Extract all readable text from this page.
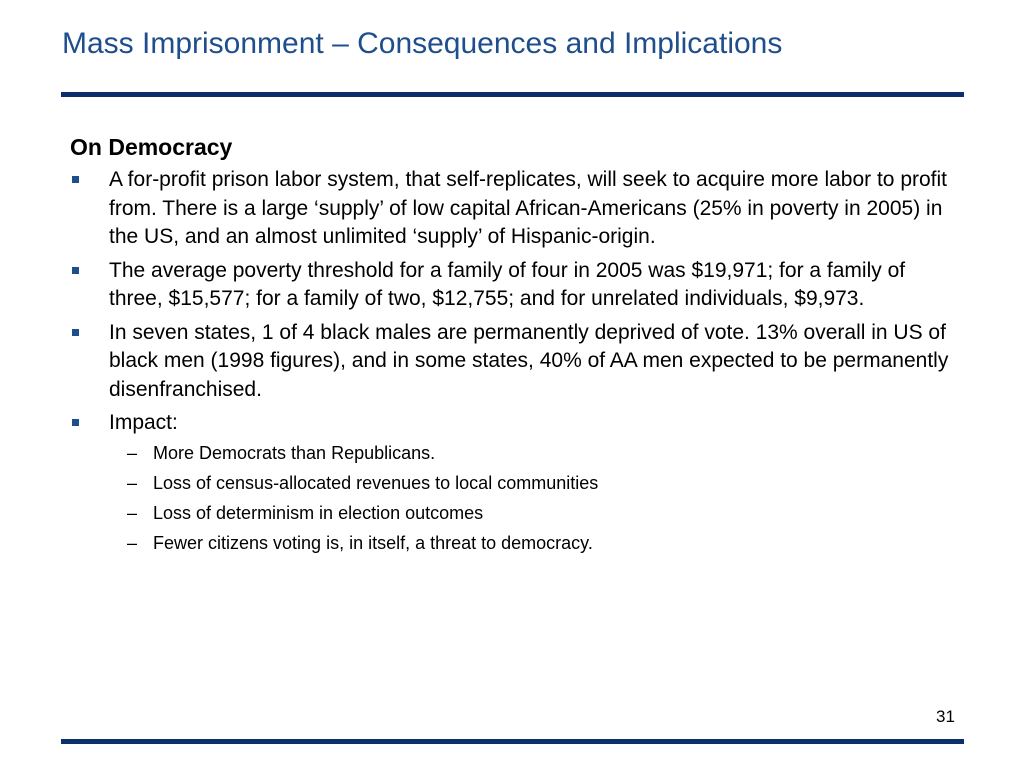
Mass Imprisonment – Consequences and Implications
On Democracy
A for-profit prison labor system, that self-replicates, will seek to acquire more labor to profit from. There is a large ‘supply’ of low capital African-Americans (25% in poverty in 2005) in the US, and an almost unlimited ‘supply’ of Hispanic-origin.
The average poverty threshold for a family of four in 2005 was $19,971; for a family of three, $15,577; for a family of two, $12,755; and for unrelated individuals, $9,973.
In seven states, 1 of 4 black males are permanently deprived of vote. 13% overall in US of black men (1998 figures), and in some states, 40% of AA men expected to be permanently disenfranchised.
Impact:
– More Democrats than Republicans.
– Loss of census-allocated revenues to local communities
– Loss of determinism in election outcomes
– Fewer citizens voting is, in itself, a threat to democracy.
31
